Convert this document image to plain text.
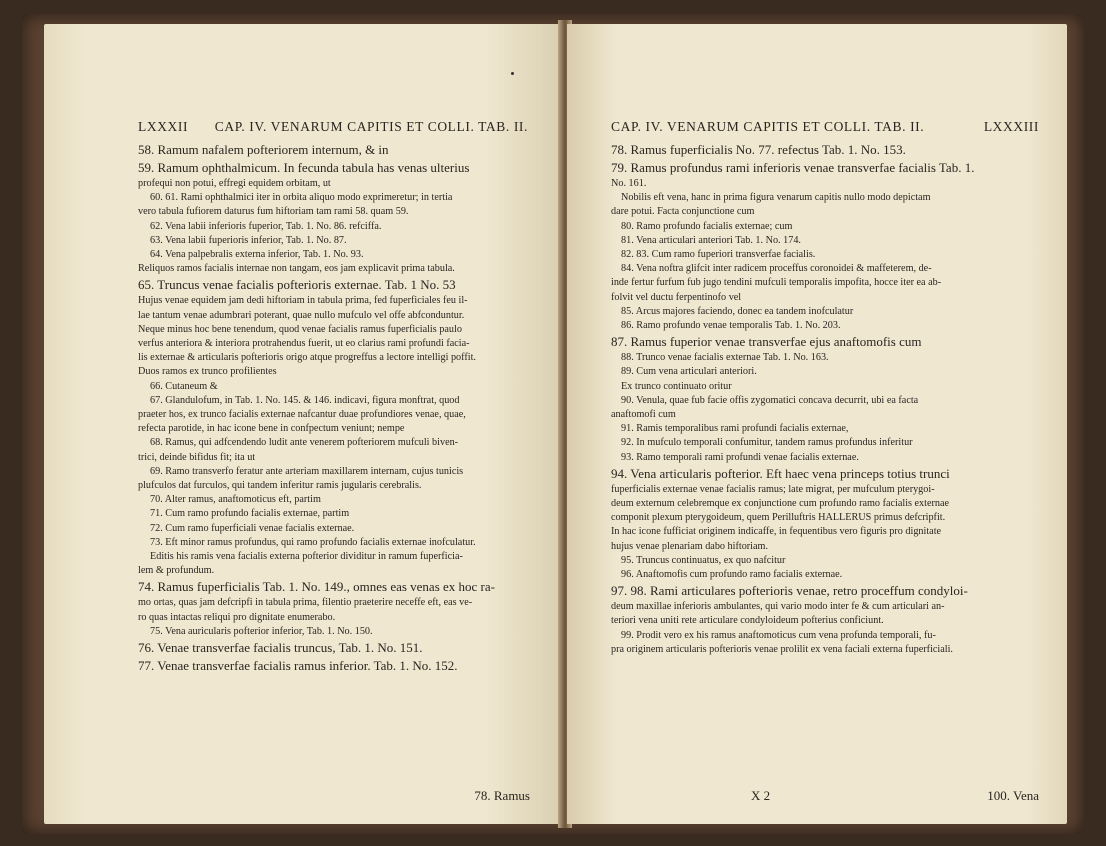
LXXXII CAP. IV. VENARUM CAPITIS ET COLLI. TAB. II.
58. Ramum nafalem pofteriorem internum, & in
59. Ramum ophthalmicum. In fecunda tabula has venas ulterius
profequi non potui, effregi equidem orbitam, ut
60. 61. Rami ophthalmici iter in orbita aliquo modo exprimeretur; in tertia
vero tabula fufiorem daturus fum hiftoriam tam rami 58. quam 59.
62. Vena labii inferioris fuperior, Tab. 1. No. 86. refciffa.
63. Vena labii fuperioris inferior, Tab. 1. No. 87.
64. Vena palpebralis externa inferior, Tab. 1. No. 93.
Reliquos ramos facialis internae non tangam, eos jam explicavit prima tabula.
65. Truncus venae facialis pofterioris externae. Tab. 1 No. 53
Hujus venae equidem jam dedi hiftoriam in tabula prima, fed fuperficiales feu il-
lae tantum venae adumbrari poterant, quae nullo mufculo vel offe abfconduntur.
Neque minus hoc bene tenendum, quod venae facialis ramus fuperficialis paulo
verfus anteriora & interiora protrahendus fuerit, ut eo clarius rami profundi facia-
lis externae & articularis pofterioris origo atque progreffus a lectore intelligi poffit.
Duos ramos ex trunco profilientes
66. Cutaneum &
67. Glandulofum, in Tab. 1. No. 145. & 146. indicavi, figura monftrat, quod
praeter hos, ex trunco facialis externae nafcantur duae profundiores venae, quae,
refecta parotide, in hac icone bene in confpectum veniunt; nempe
68. Ramus, qui adfcendendo ludit ante venerem pofteriorem mufculi biven-
trici, deinde bifidus fit; ita ut
69. Ramo transverfo feratur ante arteriam maxillarem internam, cujus tunicis
plufculos dat furculos, qui tandem inferitur ramis jugularis cerebralis.
70. Alter ramus, anaftomoticus eft, partim
71. Cum ramo profundo facialis externae, partim
72. Cum ramo fuperficiali venae facialis externae.
73. Eft minor ramus profundus, qui ramo profundo facialis externae inofculatur.
Editis his ramis vena facialis externa pofterior dividitur in ramum fuperficia-
lem & profundum.
74. Ramus fuperficialis Tab. 1. No. 149., omnes eas venas ex hoc ra-
mo ortas, quas jam defcripfi in tabula prima, filentio praeterire neceffe eft, eas ve-
ro quas intactas reliqui pro dignitate enumerabo.
75. Vena auricularis pofterior inferior, Tab. 1. No. 150.
76. Venae transverfae facialis truncus, Tab. 1. No. 151.
77. Venae transverfae facialis ramus inferior. Tab. 1. No. 152.
78. Ramus
CAP. IV. VENARUM CAPITIS ET COLLI. TAB. II.	LXXXIII
78. Ramus fuperficialis No. 77. refectus Tab. 1. No. 153.
79. Ramus profundus rami inferioris venae transverfae facialis Tab. 1.
No. 161.
Nobilis eft vena, hanc in prima figura venarum capitis nullo modo depictam
dare potui. Facta conjunctione cum
80. Ramo profundo facialis externae; cum
81. Vena articulari anteriori Tab. 1. No. 174.
82. 83. Cum ramo fuperiori transverfae facialis.
84. Vena noftra glifcit inter radicem proceffus coronoidei & maffeterem, de-
inde fertur furfum fub jugo tendini mufculi temporalis impofita, hocce iter ea ab-
folvit vel ductu ferpentinofo vel
85. Arcus majores faciendo, donec ea tandem inofculatur
86. Ramo profundo venae temporalis Tab. 1. No. 203.
87. Ramus fuperior venae transverfae ejus anaftomofis cum
88. Trunco venae facialis externae Tab. 1. No. 163.
89. Cum vena articulari anteriori.
Ex trunco continuato oritur
90. Venula, quae fub facie offis zygomatici concava decurrit, ubi ea facta
anaftomofi cum
91. Ramis temporalibus rami profundi facialis externae,
92. In mufculo temporali confumitur, tandem ramus profundus inferitur
93. Ramo temporali rami profundi venae facialis externae.
94. Vena articularis pofterior. Eft haec vena princeps totius trunci
fuperficialis externae venae facialis ramus; late migrat, per mufculum pterygoi-
deum externum celebremque ex conjunctione cum profundo ramo facialis externae
componit plexum pterygoideum, quem Perilluftris HALLERUS primus defcripfit.
In hac icone fufficiat originem indicaffe, in fequentibus vero figuris pro dignitate
hujus venae plenariam dabo hiftoriam.
95. Truncus continuatus, ex quo nafcitur
96. Anaftomofis cum profundo ramo facialis externae.
97. 98. Rami articulares pofterioris venae, retro proceffum condyloi-
deum maxillae inferioris ambulantes, qui vario modo inter fe & cum articulari an-
teriori vena uniti rete articulare condyloideum pofterius conficiunt.
99. Prodit vero ex his ramus anaftomoticus cum vena profunda temporali, fu-
pra originem articularis pofterioris venae prolilit ex vena faciali externa fuperficiali.
X 2	100. Vena
